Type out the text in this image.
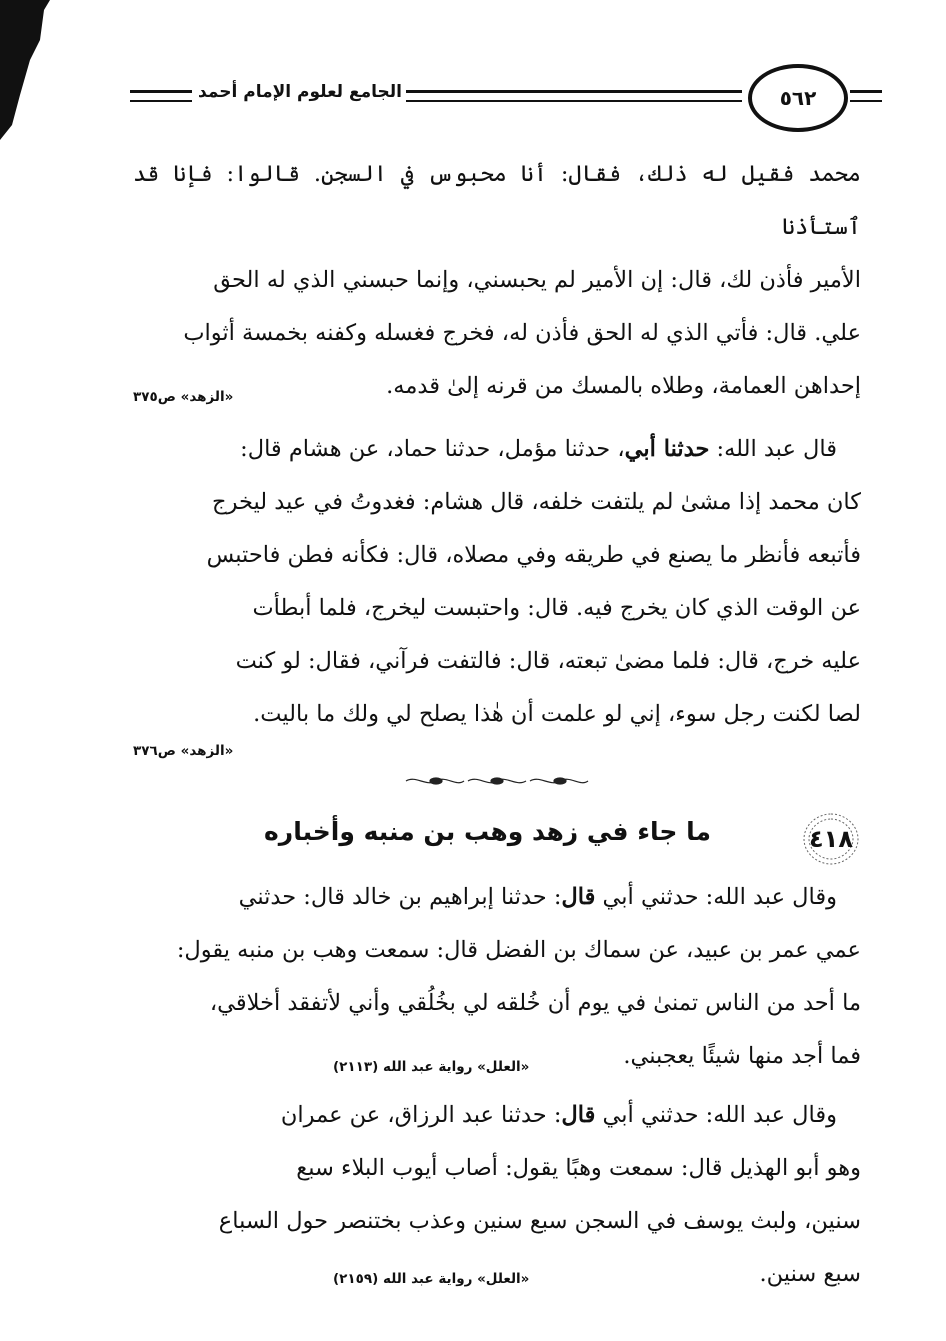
الجامع لعلوم الإمام أحمد	٥٦٢

محمد فقيل له ذلك، فقال: أنا محبوس في السجن. قالوا: فإنا قد ٱستأذنا
الأمير فأذن لك، قال: إن الأمير لم يحبسني، وإنما حبسني الذي له الحق
علي. قال: فأتي الذي له الحق فأذن له، فخرج فغسله وكفنه بخمسة أثواب
إحداهن العمامة، وطلاه بالمسك من قرنه إلىٰ قدمه.

«الزهد» ص٣٧٥

قال عبد الله: حدثنا أبي، حدثنا مؤمل، حدثنا حماد، عن هشام قال:
كان محمد إذا مشىٰ لم يلتفت خلفه، قال هشام: فغدوتُ في عيد ليخرج
فأتبعه فأنظر ما يصنع في طريقه وفي مصلاه، قال: فكأنه فطن فاحتبس
عن الوقت الذي كان يخرج فيه. قال: واحتبست ليخرج، فلما أبطأت
عليه خرج، قال: فلما مضىٰ تبعته، قال: فالتفت فرآني، فقال: لو كنت
لصا لكنت رجل سوء، إني لو علمت أن هٰذا يصلح لي ولك ما باليت.

«الزهد» ص٣٧٦

٤١٨
ما جاء في زهد وهب بن منبه وأخباره

وقال عبد الله: حدثني أبي قال: حدثنا إبراهيم بن خالد قال: حدثني
عمي عمر بن عبيد، عن سماك بن الفضل قال: سمعت وهب بن منبه يقول:
ما أحد من الناس تمنىٰ في يوم أن خُلقه لي بخُلُقي وأني لأتفقد أخلاقي،
فما أجد منها شيئًا يعجبني.

«العلل» رواية عبد الله (٢١١٣)

وقال عبد الله: حدثني أبي قال: حدثنا عبد الرزاق، عن عمران
وهو أبو الهذيل قال: سمعت وهبًا يقول: أصاب أيوب البلاء سبع
سنين، ولبث يوسف في السجن سبع سنين وعذب بختنصر حول السباع
سبع سنين.

«العلل» رواية عبد الله (٢١٥٩)
